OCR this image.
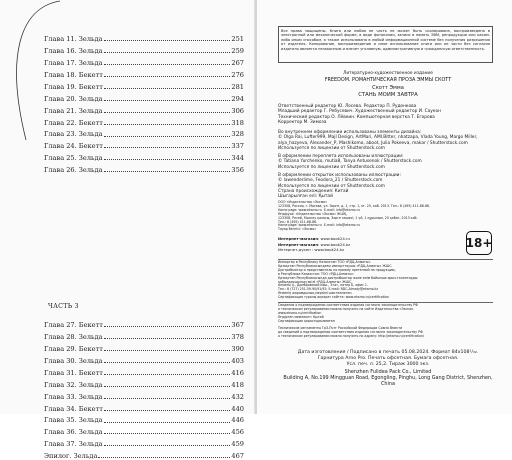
Глава 11. Зельда	251
Глава 16. Зельда	259
Глава 17. Зельда	267
Глава 18. Бекетт	276
Глава 19. Бекетт	281
Глава 20. Зельда	294
Глава 21. Зельда	306
Глава 22. Бекетт	318
Глава 23. Зельда	328
Глава 24. Бекетт	337
Глава 25. Зельда	344
Глава 26. Зельда	356
ЧАСТЬ 3
Глава 27. Бекетт	367
Глава 28. Зельда	378
Глава 29. Бекетт	390
Глава 30. Зельда	403
Глава 31. Бекетт	416
Глава 32. Зельда	418
Глава 33. Зельда	432
Глава 34. Бекетт	440
Глава 35. Зельда	446
Глава 36. Зельда	456
Глава 37. Зельда	459
Эпилог. Зельда	467
Все права защищены. Книга или любая ее часть не может быть скопирована, воспроизведена в электронной или механической форме, в виде фотокопии, записи в память ЭВМ, репродукции или каким-либо иным способом, а также использована в любой информационной системе без получения разрешения от издателя. Копирование, воспроизведение и иное использование книги или ее части без согласия издателя является незаконным и влечет уголовную, административную и гражданскую ответственность.
Литературно-художественное издание
FREEDOM. РОМАНТИЧЕСКАЯ ПРОЗА ЭММЫ СКОТТ
Скотт Эмма
СТАНЬ МОИМ ЗАВТРА
Ответственный редактор Ю. Лосева. Редактор П. Руденкова
Младший редактор Г. Ребусевич. Художественный редактор И. Саукон
Технический редактор О. Лёвкин. Компьютерная верстка Т. Егорова
Корректор М. Зимоза
Во внутреннем оформлении использованы элементы дизайна:
© Olga Rai, Lufter999, Majl Design, ArtMari, AMI.Bitter, nhatzapa, Vlada Young, Margo Miller,
alya_hazyeva, Alexander_P, Mashikomo, aboot, Julia Pokeeva, makar / Shutterstock.com
Используется по лицензии от Shutterstock.com
В оформлении переплета использованы иллюстрации:
© Tatiana Yurchenko, mutia8, Tanya Antusenok / Shutterstock.com
Используется по лицензии от Shutterstock.com
В оформлении открыток использованы иллюстрации:
© lawenderlime, Feodora_21 / Shutterstock.com
Используется по лицензии от Shutterstock.com
Страна происхождения: Китай
Шыгарылған елі: Қытай
ООО «Издательство «Эксмо»
123308, Россия, г. Москва, ул. Зорге, д. 1, стр. 1, эт. 20, каб. 2013. Тел.: 8 (495) 411-68-86.
Home page: www.eksmo.ru  E-mail: info@eksmo.ru
Өндіруші: «Издательство «Эксмо» ЖШҚ,
123308, Ресей, Мәскеу қаласы, Зорге көшесі, 1 үй, 1 құрылым, 20 қабат, 2013 каб.
Тел.: 8 (495) 411-68-86.
Home page: www.eksmo.ru  E-mail: info@eksmo.ru
Тауар белгісі: «Эксмо»
Интернет-магазин: www.book24.ru
Интернет-магазин: www.book24.kz
Интернет-дүкен : www.book24.kz	18+
Импортер в Республику Казахстан ТОО «РДЦ-Алматы».
Қазақстан Республикасындағы импорттаушы «РДЦ-Алматы» ЖШС.
Дистрибьютор и представитель по приему претензий на продукцию,
в Республике Казахстан: ТОО «РДЦ-Алматы»
Қазақстан Республикасында дистрибьютор және өнім бойынша арыз-талаптарды
қабылдаушының өкілі «РДЦ-Алматы» ЖШС,
Алматы қ., Домбровский көш., 3«а», литер Б, офис 1.
Тел.: 8 (727) 251-59-90/91/92; E-mail: RDC-Almaty@eksmo.kz
Өнімнің жарамдылық мерзімі шектелмеген.
Сертификация туралы ақпарат сайтта: www.eksmo.ru/certification
Сведения о подтверждении соответствия издания согласно законодательству РФ
о техническом регулировании можно получить на сайте Издательства «Эксмо»
www.eksmo.ru/certification
Өндірген мемлекет: Қытай
Сертификация қарастырылмаған
Технические регламенты ГрЗ-Пчтг Российской Федерации Союза Вмести
да сведений о подтверждении соответствия издания согласно законодательству РФ
о техническом регулировании можно получить по адресу: http://eksmo.ru/certification/
Дата изготовления / Подписано в печать 05.08.2024. Формат 84x108¹/₃₂.
Гарнитура Arno Pro. Печать офсетная. Бумага офсетная.
Усл. печ. л. 25,2. Тираж 3000 экз.
Shenzhen Fulidea Pack Co., Limited
Building A, No.199 Mingguan Road, Egongling, Pinghu, Long Gang District, Shenzhen, China
